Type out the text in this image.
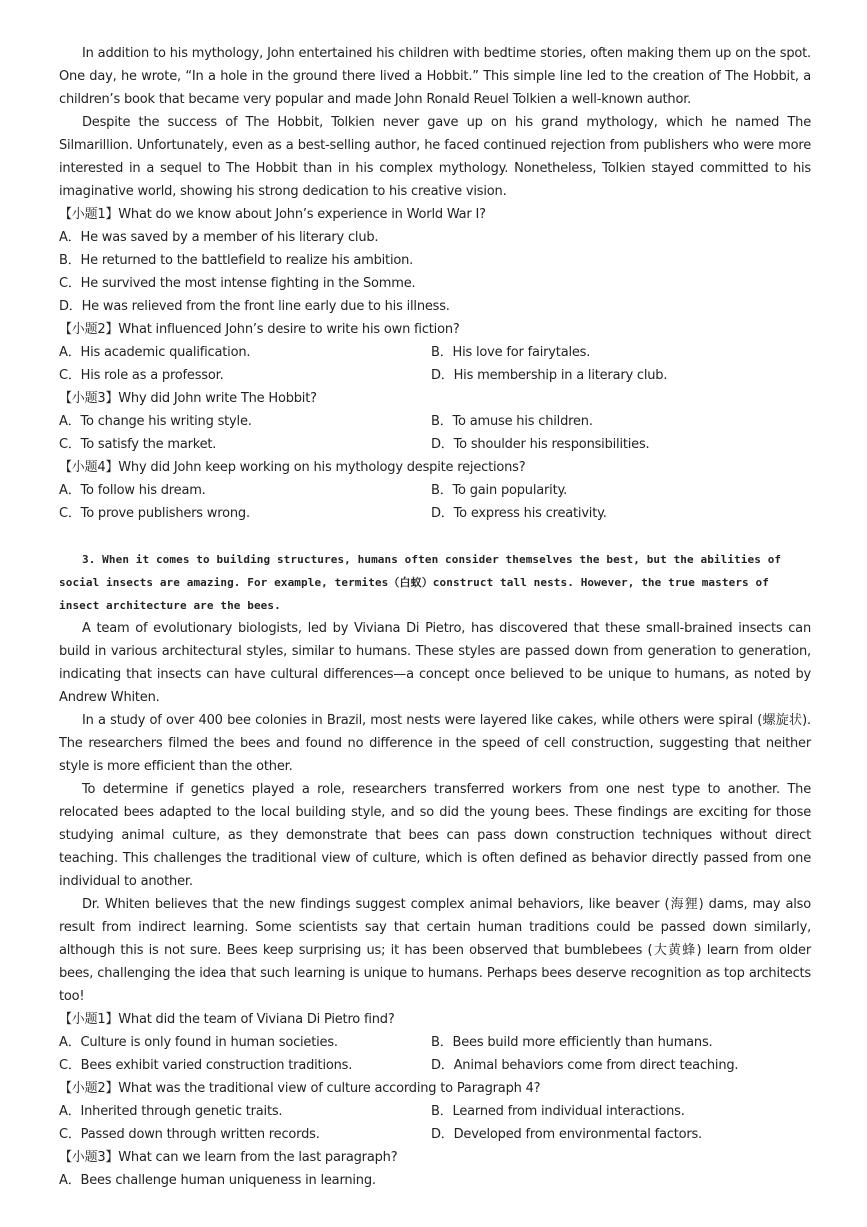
In addition to his mythology, John entertained his children with bedtime stories, often making them up on the spot. One day, he wrote, “In a hole in the ground there lived a Hobbit.” This simple line led to the creation of The Hobbit, a children’s book that became very popular and made John Ronald Reuel Tolkien a well-known author.

Despite the success of The Hobbit, Tolkien never gave up on his grand mythology, which he named The Silmarillion. Unfortunately, even as a best-selling author, he faced continued rejection from publishers who were more interested in a sequel to The Hobbit than in his complex mythology. Nonetheless, Tolkien stayed committed to his imaginative world, showing his strong dedication to his creative vision.

【小题1】What do we know about John’s experience in World War I?

A．He was saved by a member of his literary club.

B．He returned to the battlefield to realize his ambition.

C．He survived the most intense fighting in the Somme.

D．He was relieved from the front line early due to his illness.

【小题2】What influenced John’s desire to write his own fiction?

A．His academic qualification.	B．His love for fairytales.
C．His role as a professor.	D．His membership in a literary club.

【小题3】Why did John write The Hobbit?

A．To change his writing style.	B．To amuse his children.
C．To satisfy the market.	D．To shoulder his responsibilities.

【小题4】Why did John keep working on his mythology despite rejections?

A．To follow his dream.	B．To gain popularity.
C．To prove publishers wrong.	D．To express his creativity.

3. When it comes to building structures, humans often consider themselves the best, but the abilities of social insects are amazing. For example, termites（白蚁）construct tall nests. However, the true masters of insect architecture are the bees.

A team of evolutionary biologists, led by Viviana Di Pietro, has discovered that these small-brained insects can build in various architectural styles, similar to humans. These styles are passed down from generation to generation, indicating that insects can have cultural differences—a concept once believed to be unique to humans, as noted by Andrew Whiten.

In a study of over 400 bee colonies in Brazil, most nests were layered like cakes, while others were spiral (螺旋状). The researchers filmed the bees and found no difference in the speed of cell construction, suggesting that neither style is more efficient than the other.

To determine if genetics played a role, researchers transferred workers from one nest type to another. The relocated bees adapted to the local building style, and so did the young bees. These findings are exciting for those studying animal culture, as they demonstrate that bees can pass down construction techniques without direct teaching. This challenges the traditional view of culture, which is often defined as behavior directly passed from one individual to another.

Dr. Whiten believes that the new findings suggest complex animal behaviors, like beaver (海狸) dams, may also result from indirect learning. Some scientists say that certain human traditions could be passed down similarly, although this is not sure. Bees keep surprising us; it has been observed that bumblebees (大黄蜂) learn from older bees, challenging the idea that such learning is unique to humans. Perhaps bees deserve recognition as top architects too!

【小题1】What did the team of Viviana Di Pietro find?

A．Culture is only found in human societies.	B．Bees build more efficiently than humans.
C．Bees exhibit varied construction traditions.	D．Animal behaviors come from direct teaching.

【小题2】What was the traditional view of culture according to Paragraph 4?

A．Inherited through genetic traits.	B．Learned from individual interactions.
C．Passed down through written records.	D．Developed from environmental factors.

【小题3】What can we learn from the last paragraph?

A．Bees challenge human uniqueness in learning.
